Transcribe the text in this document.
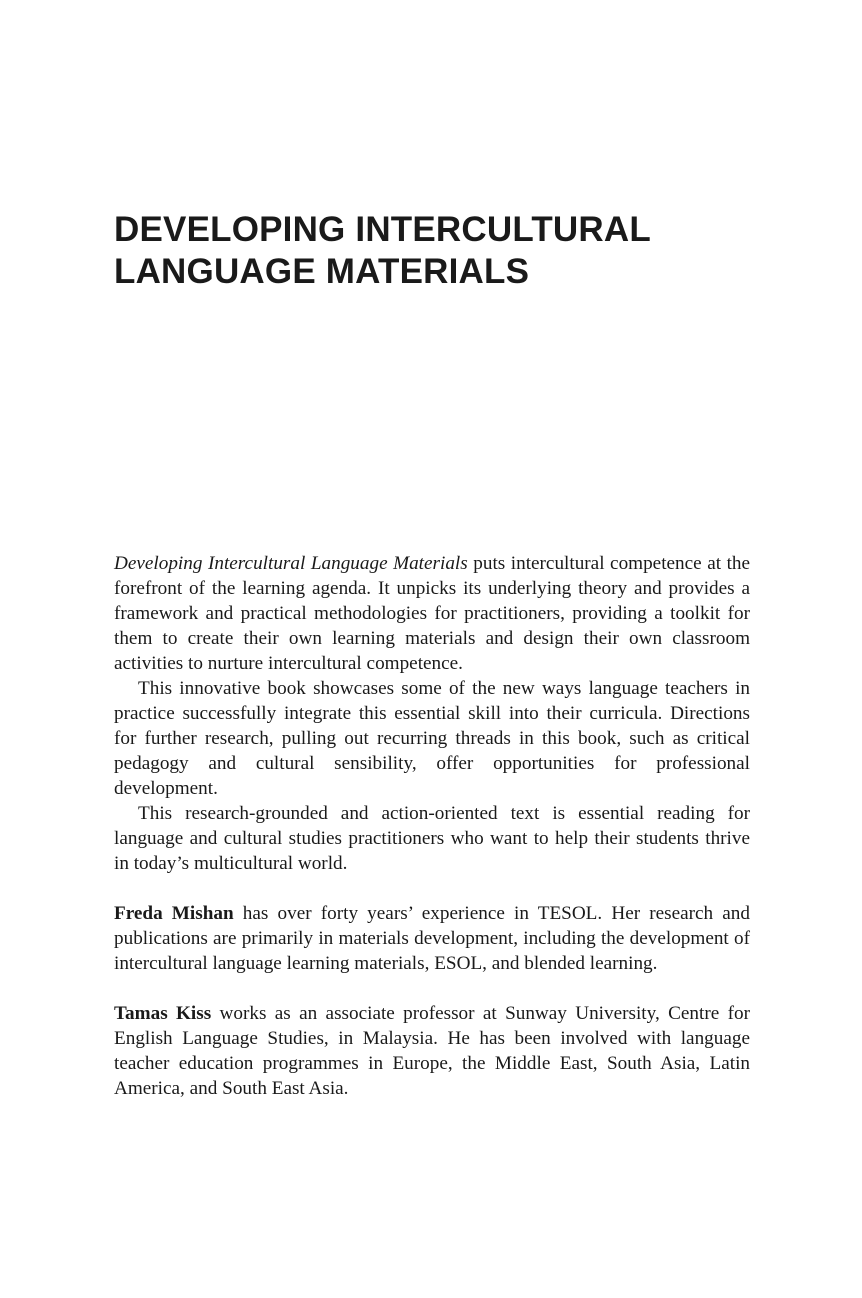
DEVELOPING INTERCULTURAL
LANGUAGE MATERIALS

Developing Intercultural Language Materials puts intercultural competence at the forefront of the learning agenda. It unpicks its underlying theory and provides a framework and practical methodologies for practitioners, providing a toolkit for them to create their own learning materials and design their own classroom activities to nurture intercultural competence.

This innovative book showcases some of the new ways language teachers in practice successfully integrate this essential skill into their curricula. Directions for further research, pulling out recurring threads in this book, such as critical pedagogy and cultural sensibility, offer opportunities for professional development.

This research-grounded and action-oriented text is essential reading for language and cultural studies practitioners who want to help their students thrive in today’s multicultural world.

Freda Mishan has over forty years’ experience in TESOL. Her research and publications are primarily in materials development, including the development of intercultural language learning materials, ESOL, and blended learning.

Tamas Kiss works as an associate professor at Sunway University, Centre for English Language Studies, in Malaysia. He has been involved with language teacher education programmes in Europe, the Middle East, South Asia, Latin America, and South East Asia.
